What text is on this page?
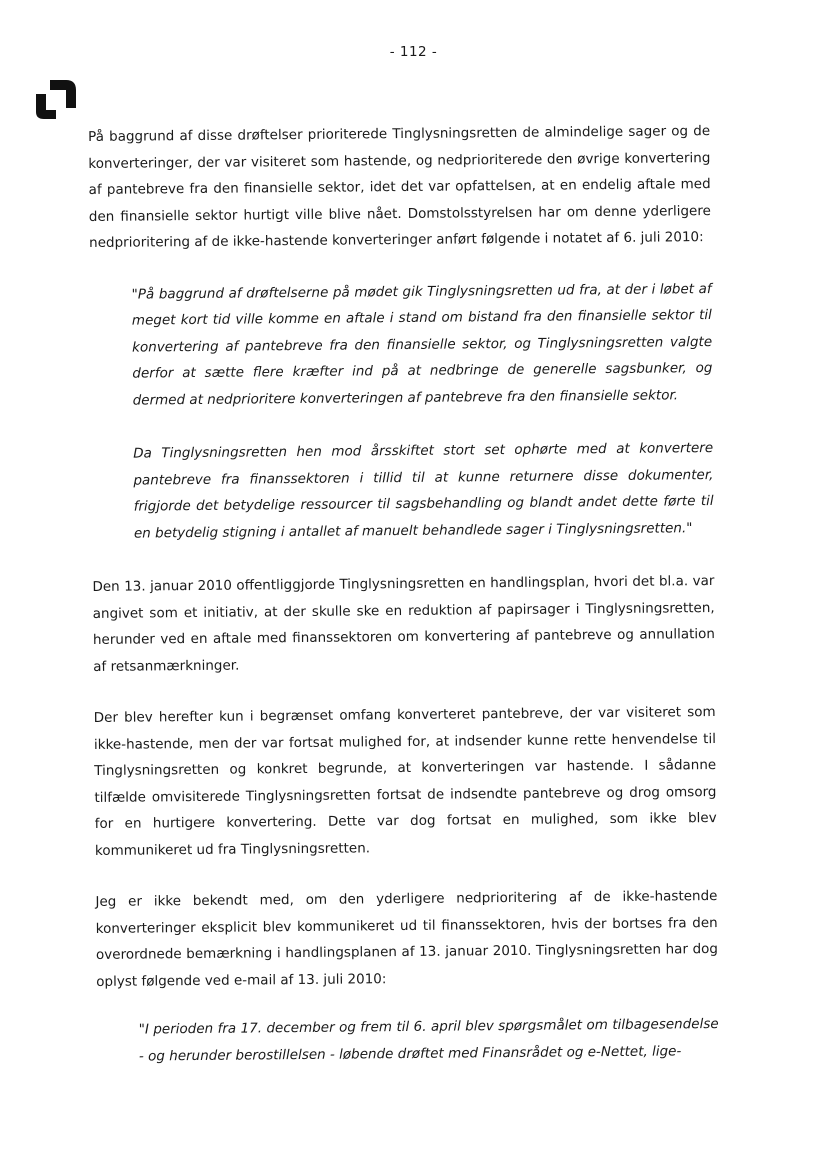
- 112 -

På baggrund af disse drøftelser prioriterede Tinglysningsretten de almindelige sager og de konverteringer, der var visiteret som hastende, og nedprioriterede den øvrige konvertering af pantebreve fra den finansielle sektor, idet det var opfattelsen, at en endelig aftale med den finansielle sektor hurtigt ville blive nået. Domstolsstyrelsen har om denne yderligere nedprioritering af de ikke-hastende konverteringer anført følgende i notatet af 6. juli 2010:

"På baggrund af drøftelserne på mødet gik Tinglysningsretten ud fra, at der i løbet af meget kort tid ville komme en aftale i stand om bistand fra den finansielle sektor til konvertering af pantebreve fra den finansielle sektor, og Tinglysningsretten valgte derfor at sætte flere kræfter ind på at nedbringe de generelle sagsbunker, og dermed at nedprioritere konverteringen af pantebreve fra den finansielle sektor.

Da Tinglysningsretten hen mod årsskiftet stort set ophørte med at konvertere pantebreve fra finanssektoren i tillid til at kunne returnere disse dokumenter, frigjorde det betydelige ressourcer til sagsbehandling og blandt andet dette førte til en betydelig stigning i antallet af manuelt behandlede sager i Tinglysningsretten."

Den 13. januar 2010 offentliggjorde Tinglysningsretten en handlingsplan, hvori det bl.a. var angivet som et initiativ, at der skulle ske en reduktion af papirsager i Tinglysningsretten, herunder ved en aftale med finanssektoren om konvertering af pantebreve og annullation af retsanmærkninger.

Der blev herefter kun i begrænset omfang konverteret pantebreve, der var visiteret som ikke-hastende, men der var fortsat mulighed for, at indsender kunne rette henvendelse til Tinglysningsretten og konkret begrunde, at konverteringen var hastende. I sådanne tilfælde omvisiterede Tinglysningsretten fortsat de indsendte pantebreve og drog omsorg for en hurtigere konvertering. Dette var dog fortsat en mulighed, som ikke blev kommunikeret ud fra Tinglysningsretten.

Jeg er ikke bekendt med, om den yderligere nedprioritering af de ikke-hastende konverteringer eksplicit blev kommunikeret ud til finanssektoren, hvis der bortses fra den overordnede bemærkning i handlingsplanen af 13. januar 2010. Tinglysningsretten har dog oplyst følgende ved e-mail af 13. juli 2010:

"I perioden fra 17. december og frem til 6. april blev spørgsmålet om tilbagesendelse - og herunder berostillelsen - løbende drøftet med Finansrådet og e-Nettet, lige-
